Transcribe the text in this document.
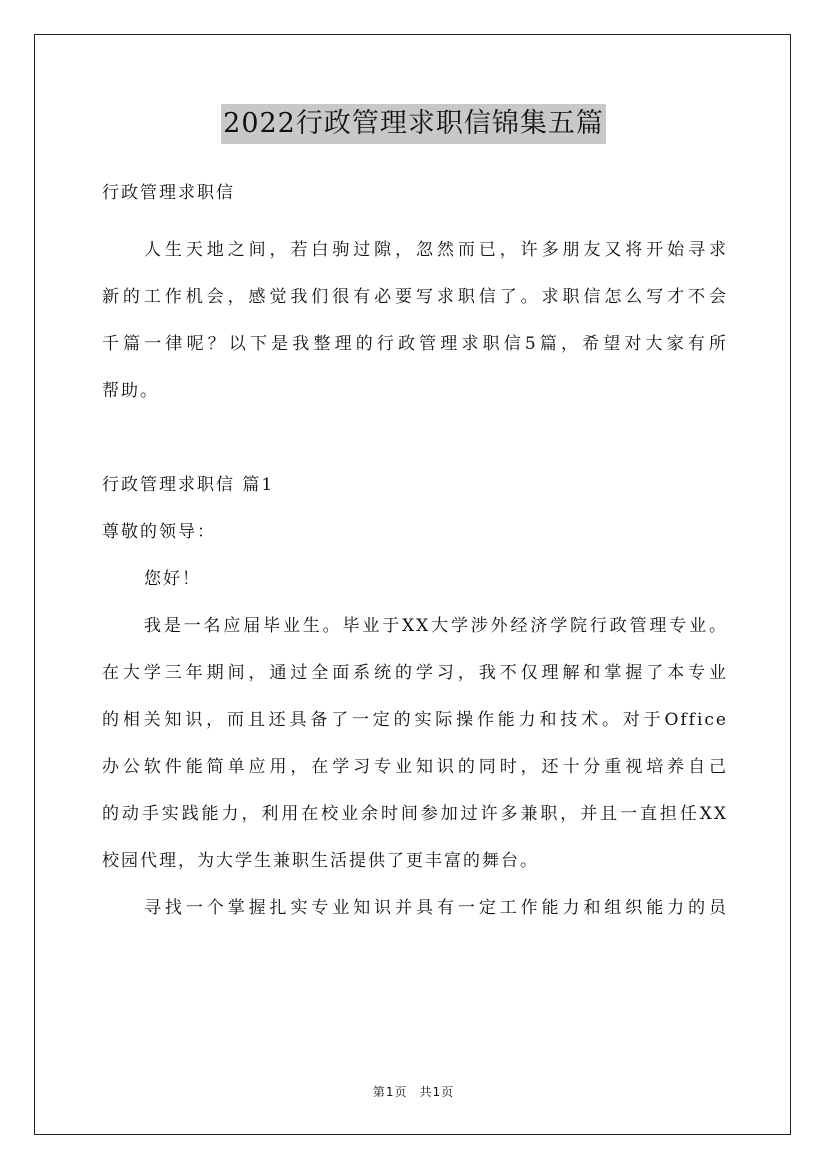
2022行政管理求职信锦集五篇
行政管理求职信
人生天地之间，若白驹过隙，忽然而已，许多朋友又将开始寻求
新的工作机会，感觉我们很有必要写求职信了。求职信怎么写才不会
千篇一律呢？以下是我整理的行政管理求职信5篇，希望对大家有所
帮助。
行政管理求职信 篇1
尊敬的领导：
您好！
我是一名应届毕业生。毕业于XX大学涉外经济学院行政管理专业。
在大学三年期间，通过全面系统的学习，我不仅理解和掌握了本专业
的相关知识，而且还具备了一定的实际操作能力和技术。对于Office
办公软件能简单应用，在学习专业知识的同时，还十分重视培养自己
的动手实践能力，利用在校业余时间参加过许多兼职，并且一直担任XX
校园代理，为大学生兼职生活提供了更丰富的舞台。
寻找一个掌握扎实专业知识并具有一定工作能力和组织能力的员
第1页 共1页
